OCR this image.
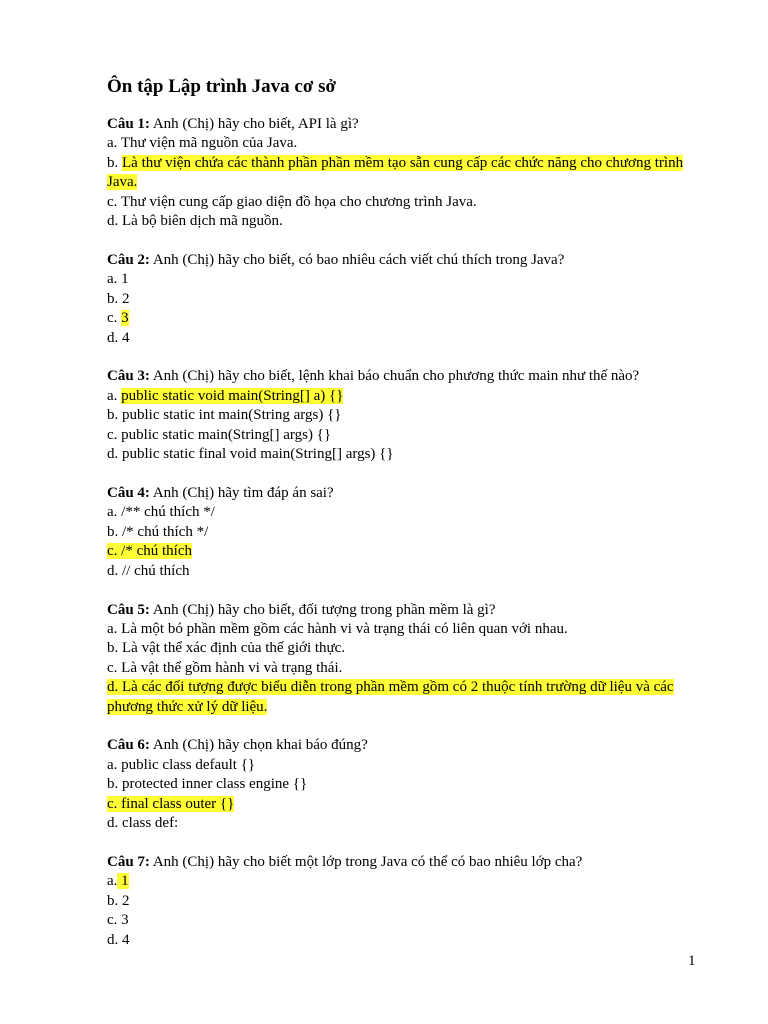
Ôn tập Lập trình Java cơ sở

Câu 1: Anh (Chị) hãy cho biết, API là gì?

a. Thư viện mã nguồn của Java.

b. Là thư viện chứa các thành phần phần mềm tạo sẵn cung cấp các chức năng cho chương trình Java.

c. Thư viện cung cấp giao diện đồ họa cho chương trình Java.

d. Là bộ biên dịch mã nguồn.

Câu 2: Anh (Chị) hãy cho biết, có bao nhiêu cách viết chú thích trong Java?

a. 1

b. 2

c. 3

d. 4

Câu 3: Anh (Chị) hãy cho biết, lệnh khai báo chuẩn cho phương thức main như thế nào?

a. public static void main(String[] a) {}

b. public static int main(String args) {}

c. public static main(String[] args) {}

d. public static final void main(String[] args) {}

Câu 4: Anh (Chị) hãy tìm đáp án sai?

a. /** chú thích */

b. /* chú thích */

c. /* chú thích

d. // chú thích

Câu 5: Anh (Chị) hãy cho biết, đối tượng trong phần mềm là gì?

a. Là một bó phần mềm gồm các hành vi và trạng thái có liên quan với nhau.

b. Là vật thể xác định của thế giới thực.

c. Là vật thể gồm hành vi và trạng thái.

d. Là các đối tượng được biểu diễn trong phần mềm gồm có 2 thuộc tính trường dữ liệu và các phương thức xử lý dữ liệu.

Câu 6: Anh (Chị) hãy chọn khai báo đúng?

a. public class default {}

b. protected inner class engine {}

c. final class outer {}

d. class def:

Câu 7: Anh (Chị) hãy cho biết một lớp trong Java có thể có bao nhiêu lớp cha?

a. 1

b. 2

c. 3

d. 4

1
